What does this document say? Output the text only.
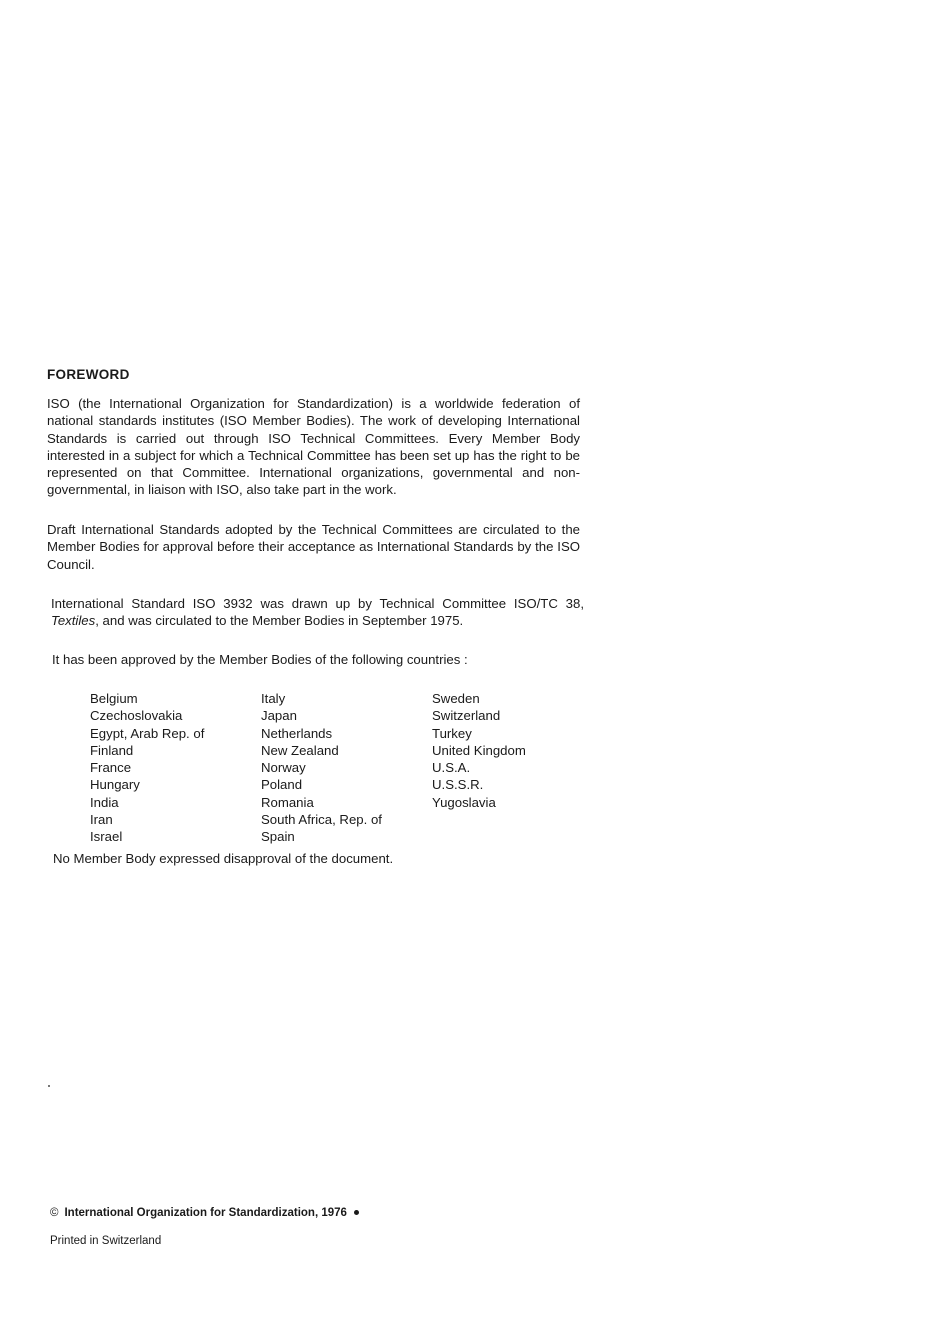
FOREWORD
ISO (the International Organization for Standardization) is a worldwide federation of national standards institutes (ISO Member Bodies). The work of developing International Standards is carried out through ISO Technical Committees. Every Member Body interested in a subject for which a Technical Committee has been set up has the right to be represented on that Committee. International organizations, governmental and non-governmental, in liaison with ISO, also take part in the work.
Draft International Standards adopted by the Technical Committees are circulated to the Member Bodies for approval before their acceptance as International Standards by the ISO Council.
International Standard ISO 3932 was drawn up by Technical Committee ISO/TC 38, Textiles, and was circulated to the Member Bodies in September 1975.
It has been approved by the Member Bodies of the following countries :
Belgium
Czechoslovakia
Egypt, Arab Rep. of
Finland
France
Hungary
India
Iran
Israel
Italy
Japan
Netherlands
New Zealand
Norway
Poland
Romania
South Africa, Rep. of
Spain
Sweden
Switzerland
Turkey
United Kingdom
U.S.A.
U.S.S.R.
Yugoslavia
No Member Body expressed disapproval of the document.
© International Organization for Standardization, 1976
Printed in Switzerland
